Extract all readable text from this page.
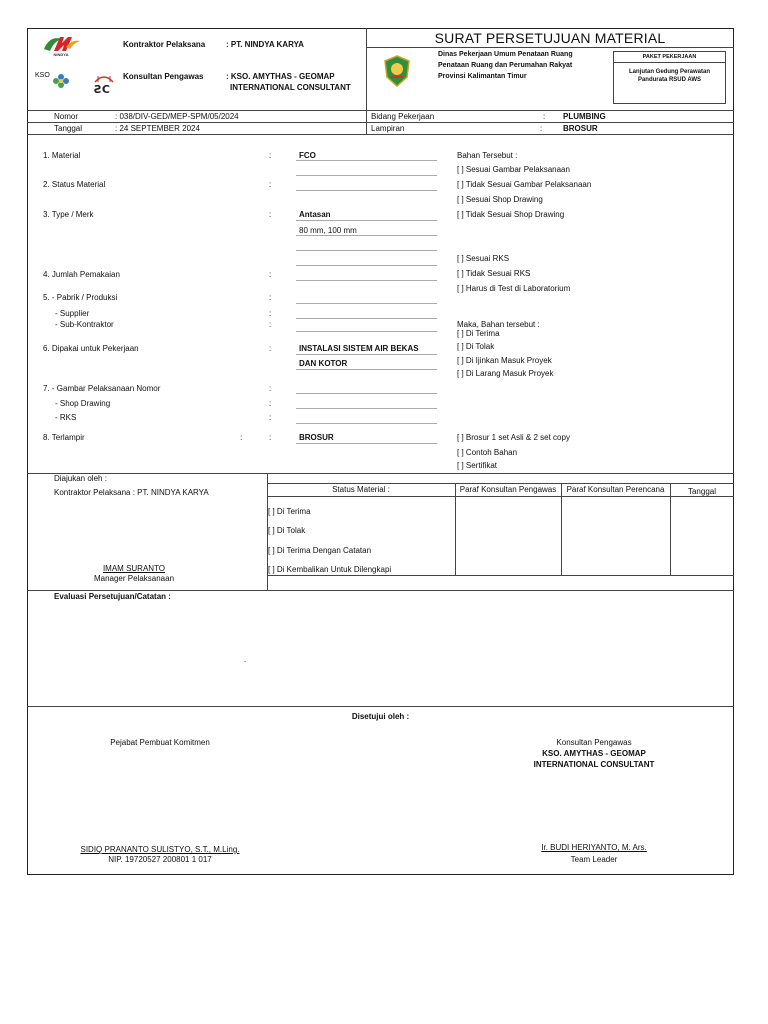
NINDYA
KSO
ƧC
Kontraktor Pelaksana	: PT. NINDYA KARYA
Konsultan Pengawas	: KSO. AMYTHAS - GEOMAP
INTERNATIONAL CONSULTANT
SURAT PERSETUJUAN MATERIAL
Dinas Pekerjaan Umum Penataan Ruang
Penataan Ruang dan Perumahan Rakyat
Provinsi Kalimantan Timur
PAKET PEKERJAAN
Lanjutan Gedung Perawatan
Pandurata RSUD AWS
Nomor	: 038/DIV-GED/MEP-SPM/05/2024
Tanggal	: 24 SEPTEMBER 2024
Bidang Pekerjaan	: PLUMBING
Lampiran	:	BROSUR
1. Material	:	FCO
2. Status Material	:
3. Type / Merk	:	Antasan
80 mm, 100 mm
4. Jumlah Pemakaian	:
5. - Pabrik / Produksi	:
- Supplier	:
- Sub-Kontraktor	:
6. Dipakai untuk Pekerjaan	:	INSTALASI SISTEM AIR BEKAS
DAN KOTOR
7. - Gambar Pelaksanaan Nomor	:
- Shop Drawing	:
- RKS	:
8. Terlampir	:	:	BROSUR
Bahan Tersebut :
[ ] Sesuai Gambar Pelaksanaan
[ ] Tidak Sesuai Gambar Pelaksanaan
[ ] Sesuai Shop Drawing
[ ] Tidak Sesuai Shop Drawing
[ ] Sesuai RKS
[ ] Tidak Sesuai RKS
[ ] Harus di Test di Laboratorium
Maka, Bahan tersebut :
[ ] Di Terima
[ ] Di Tolak
[ ] Di Ijinkan Masuk Proyek
[ ] Di Larang Masuk Proyek
[ ] Brosur 1 set Asli & 2 set copy
[ ] Contoh Bahan
[ ] Sertifikat
Diajukan oleh :
Kontraktor Pelaksana : PT. NINDYA KARYA
IMAM SURANTO
Manager Pelaksanaan
Status Material :	Paraf Konsultan Pengawas	Paraf Konsultan Perencana	Tanggal
[ ] Di Terima
[ ] Di Tolak
[ ] Di Terima Dengan Catatan
[ ] Di Kembalikan Untuk Dilengkapi
Evaluasi Persetujuan/Catatan :
.
Disetujui oleh :
Pejabat Pembuat Komitmen
SIDIQ PRANANTO SULISTYO, S.T., M.Ling.
NIP. 19720527 200801 1 017
Konsultan Pengawas
KSO. AMYTHAS - GEOMAP
INTERNATIONAL CONSULTANT
Ir. BUDI HERIYANTO, M. Ars.
Team Leader
